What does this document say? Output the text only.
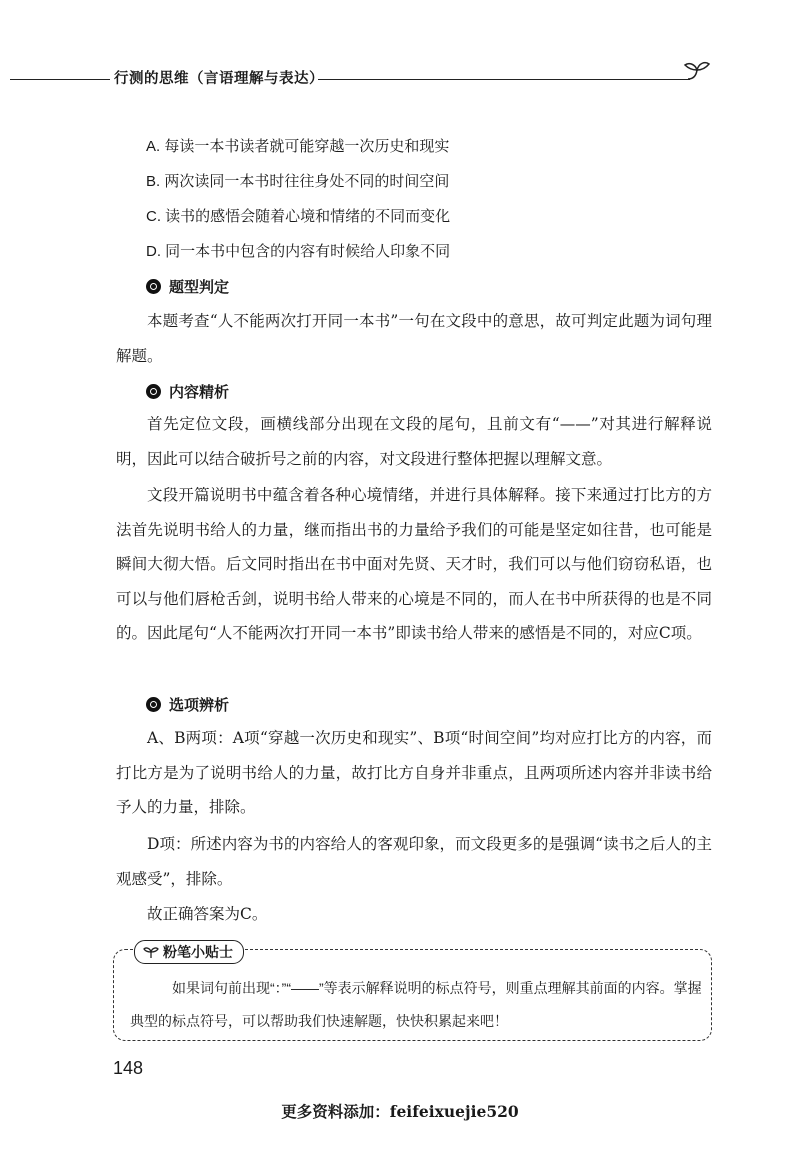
行测的思维（言语理解与表达）
A. 每读一本书读者就可能穿越一次历史和现实
B. 两次读同一本书时往往身处不同的时间空间
C. 读书的感悟会随着心境和情绪的不同而变化
D. 同一本书中包含的内容有时候给人印象不同
题型判定
本题考查“人不能两次打开同一本书”一句在文段中的意思，故可判定此题为词句理解题。
内容精析
首先定位文段，画横线部分出现在文段的尾句，且前文有“——”对其进行解释说明，因此可以结合破折号之前的内容，对文段进行整体把握以理解文意。
文段开篇说明书中蕴含着各种心境情绪，并进行具体解释。接下来通过打比方的方法首先说明书给人的力量，继而指出书的力量给予我们的可能是坚定如往昔，也可能是瞬间大彻大悟。后文同时指出在书中面对先贤、天才时，我们可以与他们窃窃私语，也可以与他们唇枪舌剑，说明书给人带来的心境是不同的，而人在书中所获得的也是不同的。因此尾句“人不能两次打开同一本书”即读书给人带来的感悟是不同的，对应C项。
选项辨析
A、B两项：A项“穿越一次历史和现实”、B项“时间空间”均对应打比方的内容，而打比方是为了说明书给人的力量，故打比方自身并非重点，且两项所述内容并非读书给予人的力量，排除。
D项：所述内容为书的内容给人的客观印象，而文段更多的是强调“读书之后人的主观感受”，排除。
故正确答案为C。
粉笔小贴士
如果词句前出现“：”“——”等表示解释说明的标点符号，则重点理解其前面的内容。掌握典型的标点符号，可以帮助我们快速解题，快快积累起来吧！
148
更多资料添加：feifeixuejie520
